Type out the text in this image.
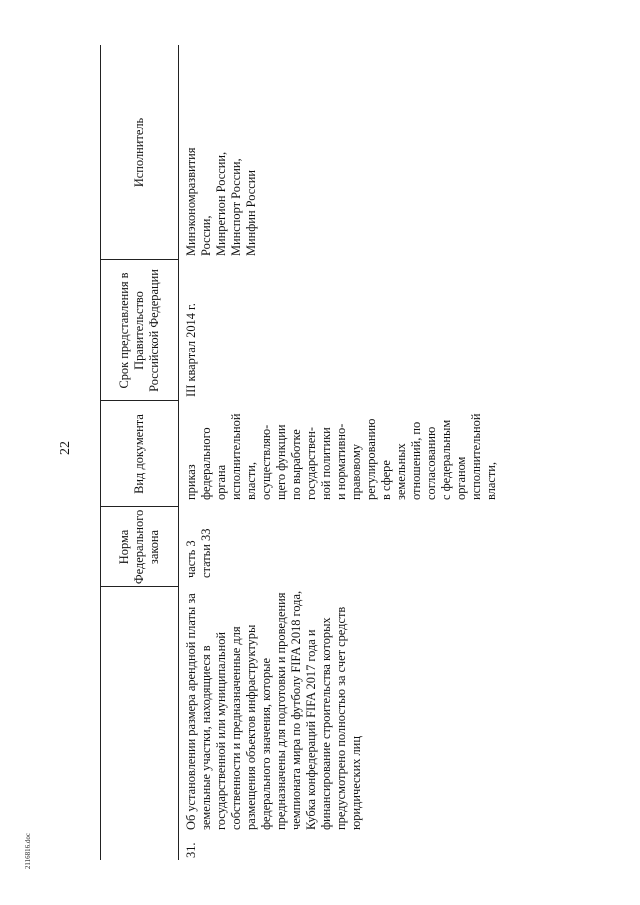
22
Норма Федерального закона
Вид документа
Срок представления в Правительство Российской Федерации
Исполнитель
31.
Об установлении размера арендной платы за земельные участки, находящиеся в государственной или муниципальной собственности и предназначенные для размещения объектов инфраструктуры федерального значения, которые предназначены для подготовки и проведения чемпионата мира по футболу FIFA 2018 года, Кубка конфедераций FIFA 2017 года и финансирование строительства которых предусмотрено полностью за счет средств юридических лиц
часть 3
статьи 33
приказ
федерального
органа
исполнительной
власти,
осуществляю-
щего функции
по выработке
государствен-
ной политики
и нормативно-
правовому
регулированию
в сфере
земельных
отношений, по
согласованию
с федеральным
органом
исполнительной
власти,
III квартал 2014 г.
Минэкономразвития
России,
Минрегион России,
Минспорт России,
Минфин России
2116816.doc
